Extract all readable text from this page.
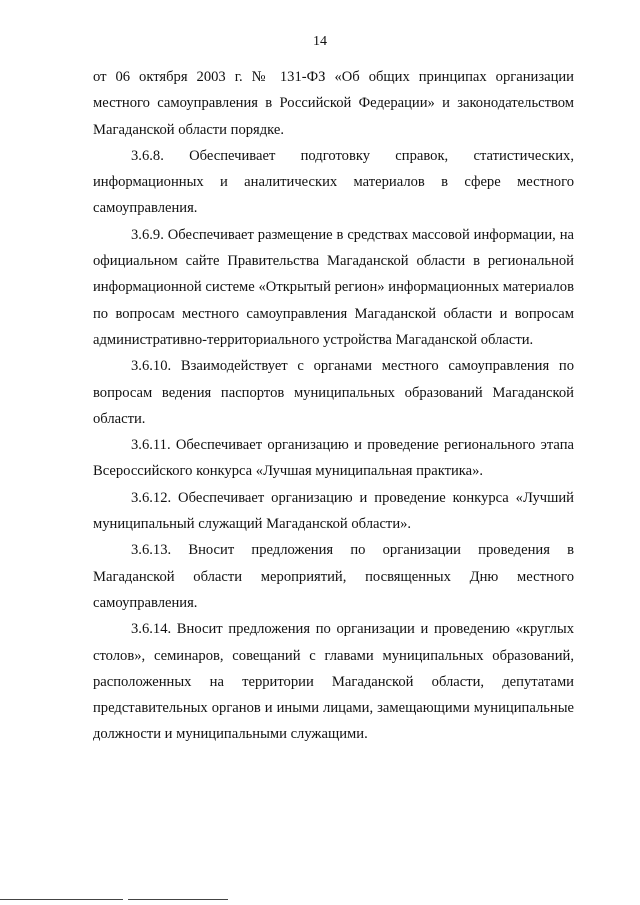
14

от 06 октября 2003 г. № 131-ФЗ «Об общих принципах организации местного самоуправления в Российской Федерации» и законодательством Магаданской области порядке.

3.6.8. Обеспечивает подготовку справок, статистических, информационных и аналитических материалов в сфере местного самоуправления.

3.6.9. Обеспечивает размещение в средствах массовой информации, на официальном сайте Правительства Магаданской области в региональной информационной системе «Открытый регион» информационных материалов по вопросам местного самоуправления Магаданской области и вопросам административно-территориального устройства Магаданской области.

3.6.10. Взаимодействует с органами местного самоуправления по вопросам ведения паспортов муниципальных образований Магаданской области.

3.6.11. Обеспечивает организацию и проведение регионального этапа Всероссийского конкурса «Лучшая муниципальная практика».

3.6.12. Обеспечивает организацию и проведение конкурса «Лучший муниципальный служащий Магаданской области».

3.6.13. Вносит предложения по организации проведения в Магаданской области мероприятий, посвященных Дню местного самоуправления.

3.6.14. Вносит предложения по организации и проведению «круглых столов», семинаров, совещаний с главами муниципальных образований, расположенных на территории Магаданской области, депутатами представительных органов и иными лицами, замещающими муниципальные должности и муниципальными служащими.
